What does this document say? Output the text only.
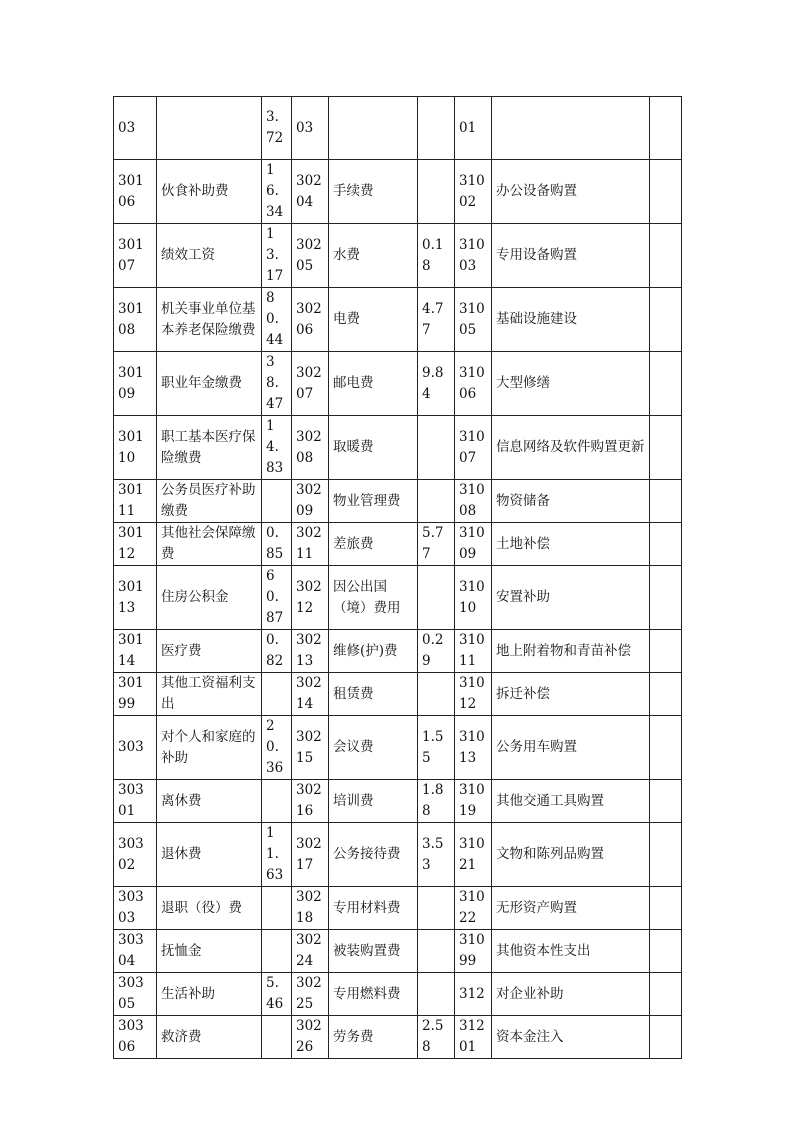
03		3.72	03			01		
30106	伙食补助费	16.34	30204	手续费		31002	办公设备购置	
30107	绩效工资	13.17	30205	水费	0.18	31003	专用设备购置	
30108	机关事业单位基本养老保险缴费	80.44	30206	电费	4.77	31005	基础设施建设	
30109	职业年金缴费	38.47	30207	邮电费	9.84	31006	大型修缮	
30110	职工基本医疗保险缴费	14.83	30208	取暖费		31007	信息网络及软件购置更新	
30111	公务员医疗补助缴费		30209	物业管理费		31008	物资储备	
30112	其他社会保障缴费	0.85	30211	差旅费	5.77	31009	土地补偿	
30113	住房公积金	60.87	30212	因公出国（境）费用		31010	安置补助	
30114	医疗费	0.82	30213	维修(护)费	0.29	31011	地上附着物和青苗补偿	
30199	其他工资福利支出		30214	租赁费		31012	拆迁补偿	
303	对个人和家庭的补助	20.36	30215	会议费	1.55	31013	公务用车购置	
30301	离休费		30216	培训费	1.88	31019	其他交通工具购置	
30302	退休费	11.63	30217	公务接待费	3.53	31021	文物和陈列品购置	
30303	退职（役）费		30218	专用材料费		31022	无形资产购置	
30304	抚恤金		30224	被装购置费		31099	其他资本性支出	
30305	生活补助	5.46	30225	专用燃料费		312	对企业补助	
30306	救济费		30226	劳务费	2.58	31201	资本金注入	
